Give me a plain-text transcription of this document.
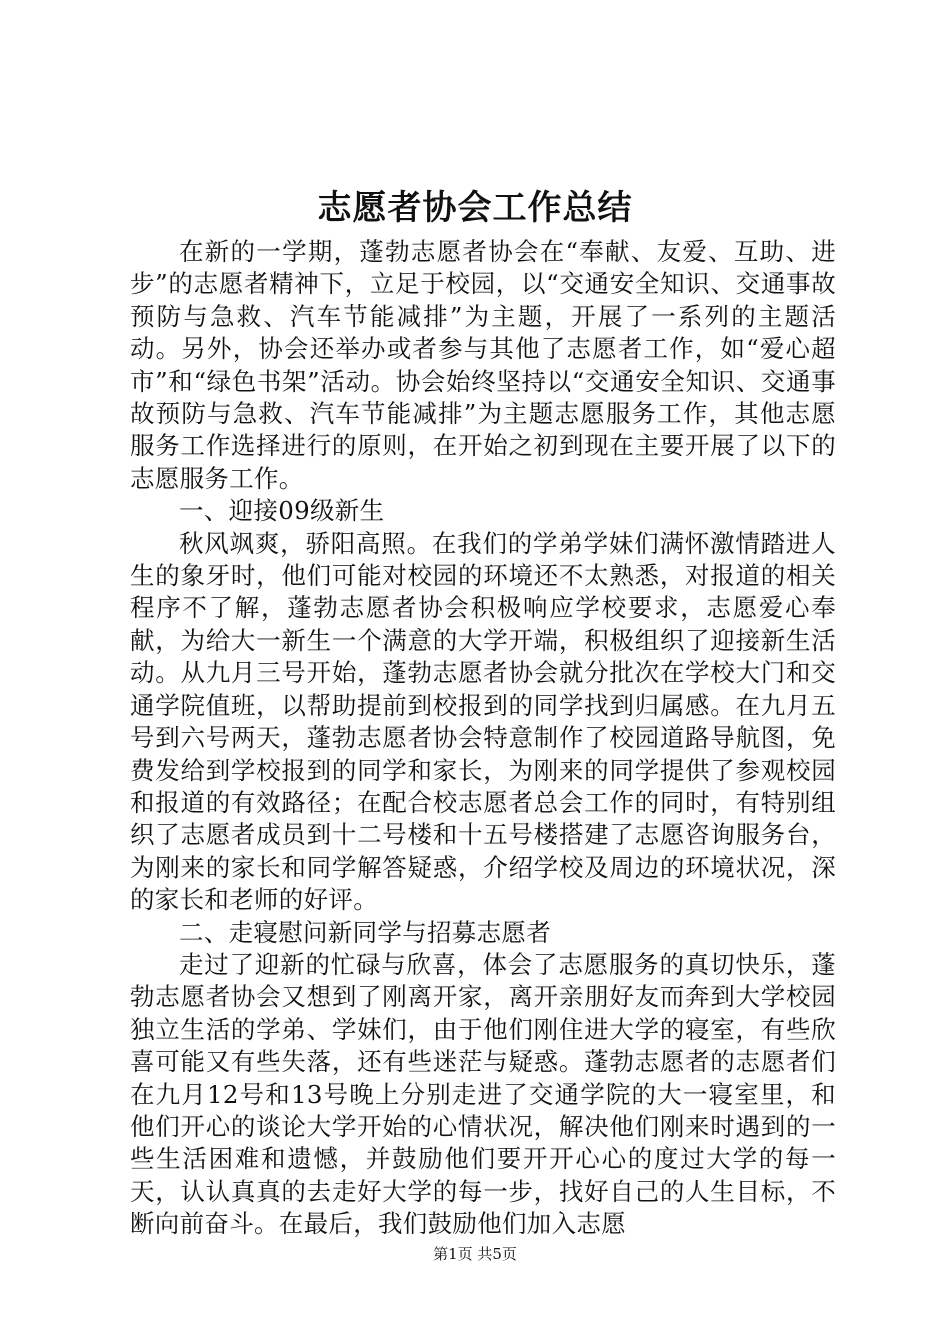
志愿者协会工作总结

在新的一学期，蓬勃志愿者协会在“奉献、友爱、互助、进步”的志愿者精神下，立足于校园，以“交通安全知识、交通事故预防与急救、汽车节能减排”为主题，开展了一系列的主题活动。另外，协会还举办或者参与其他了志愿者工作，如“爱心超市”和“绿色书架”活动。协会始终坚持以“交通安全知识、交通事故预防与急救、汽车节能减排”为主题志愿服务工作，其他志愿服务工作选择进行的原则，在开始之初到现在主要开展了以下的志愿服务工作。

一、迎接09级新生

秋风飒爽，骄阳高照。在我们的学弟学妹们满怀激情踏进人生的象牙时，他们可能对校园的环境还不太熟悉，对报道的相关程序不了解，蓬勃志愿者协会积极响应学校要求，志愿爱心奉献，为给大一新生一个满意的大学开端，积极组织了迎接新生活动。从九月三号开始，蓬勃志愿者协会就分批次在学校大门和交通学院值班，以帮助提前到校报到的同学找到归属感。在九月五号到六号两天，蓬勃志愿者协会特意制作了校园道路导航图，免费发给到学校报到的同学和家长，为刚来的同学提供了参观校园和报道的有效路径；在配合校志愿者总会工作的同时，有特别组织了志愿者成员到十二号楼和十五号楼搭建了志愿咨询服务台，为刚来的家长和同学解答疑惑，介绍学校及周边的环境状况，深的家长和老师的好评。

二、走寝慰问新同学与招募志愿者

走过了迎新的忙碌与欣喜，体会了志愿服务的真切快乐，蓬勃志愿者协会又想到了刚离开家，离开亲朋好友而奔到大学校园独立生活的学弟、学妹们，由于他们刚住进大学的寝室，有些欣喜可能又有些失落，还有些迷茫与疑惑。蓬勃志愿者的志愿者们在九月12号和13号晚上分别走进了交通学院的大一寝室里，和他们开心的谈论大学开始的心情状况，解决他们刚来时遇到的一些生活困难和遗憾，并鼓励他们要开开心心的度过大学的每一天，认认真真的去走好大学的每一步，找好自己的人生目标，不断向前奋斗。在最后，我们鼓励他们加入志愿

第1页 共5页
